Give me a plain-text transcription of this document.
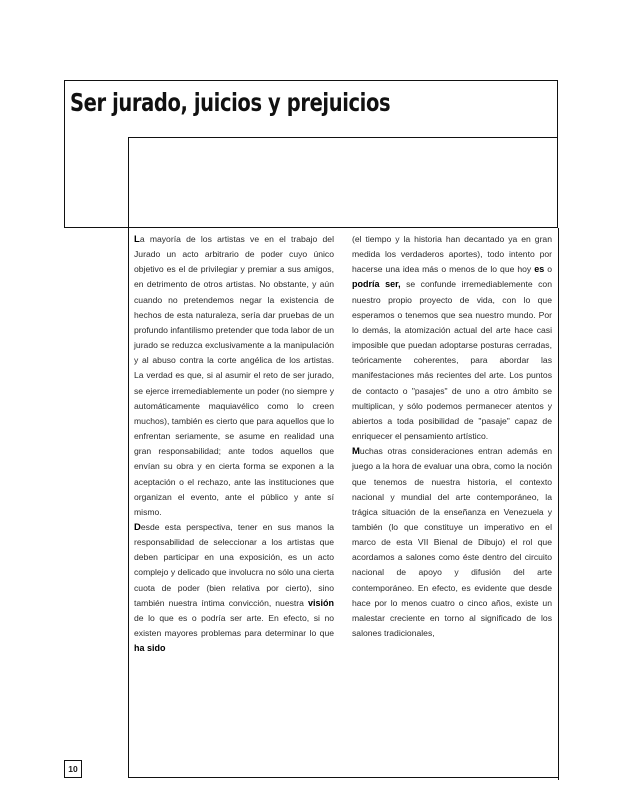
Ser jurado, juicios y prejuicios

La mayoría de los artistas ve en el trabajo del Jurado un acto arbitrario de poder cuyo único objetivo es el de privilegiar y premiar a sus amigos, en detrimento de otros artistas. No obstante, y aún cuando no pretendemos negar la existencia de hechos de esta naturaleza, sería dar pruebas de un profundo infantilismo pretender que toda labor de un jurado se reduzca exclusivamente a la manipulación y al abuso contra la corte angélica de los artistas. La verdad es que, si al asumir el reto de ser jurado, se ejerce irremediablemente un poder (no siempre y automáticamente maquiavélico como lo creen muchos), también es cierto que para aquellos que lo enfrentan seriamente, se asume en realidad una gran responsabilidad; ante todos aquellos que envían su obra y en cierta forma se exponen a la aceptación o el rechazo, ante las instituciones que organizan el evento, ante el público y ante sí mismo.

Desde esta perspectiva, tener en sus manos la responsabilidad de seleccionar a los artistas que deben participar en una exposición, es un acto complejo y delicado que involucra no sólo una cierta cuota de poder (bien relativa por cierto), sino también nuestra íntima convicción, nuestra visión de lo que es o podría ser arte. En efecto, si no existen mayores problemas para determinar lo que ha sido

(el tiempo y la historia han decantado ya en gran medida los verdaderos aportes), todo intento por hacerse una idea más o menos de lo que hoy es o podría ser, se confunde irremediablemente con nuestro propio proyecto de vida, con lo que esperamos o tenemos que sea nuestro mundo. Por lo demás, la atomización actual del arte hace casi imposible que puedan adoptarse posturas cerradas, teóricamente coherentes, para abordar las manifestaciones más recientes del arte. Los puntos de contacto o "pasajes" de uno a otro ámbito se multiplican, y sólo podemos permanecer atentos y abiertos a toda posibilidad de "pasaje" capaz de enriquecer el pensamiento artístico.

Muchas otras consideraciones entran además en juego a la hora de evaluar una obra, como la noción que tenemos de nuestra historia, el contexto nacional y mundial del arte contemporáneo, la trágica situación de la enseñanza en Venezuela y también (lo que constituye un imperativo en el marco de esta VII Bienal de Dibujo) el rol que acordamos a salones como éste dentro del circuito nacional de apoyo y difusión del arte contemporáneo. En efecto, es evidente que desde hace por lo menos cuatro o cinco años, existe un malestar creciente en torno al significado de los salones tradicionales,

10
